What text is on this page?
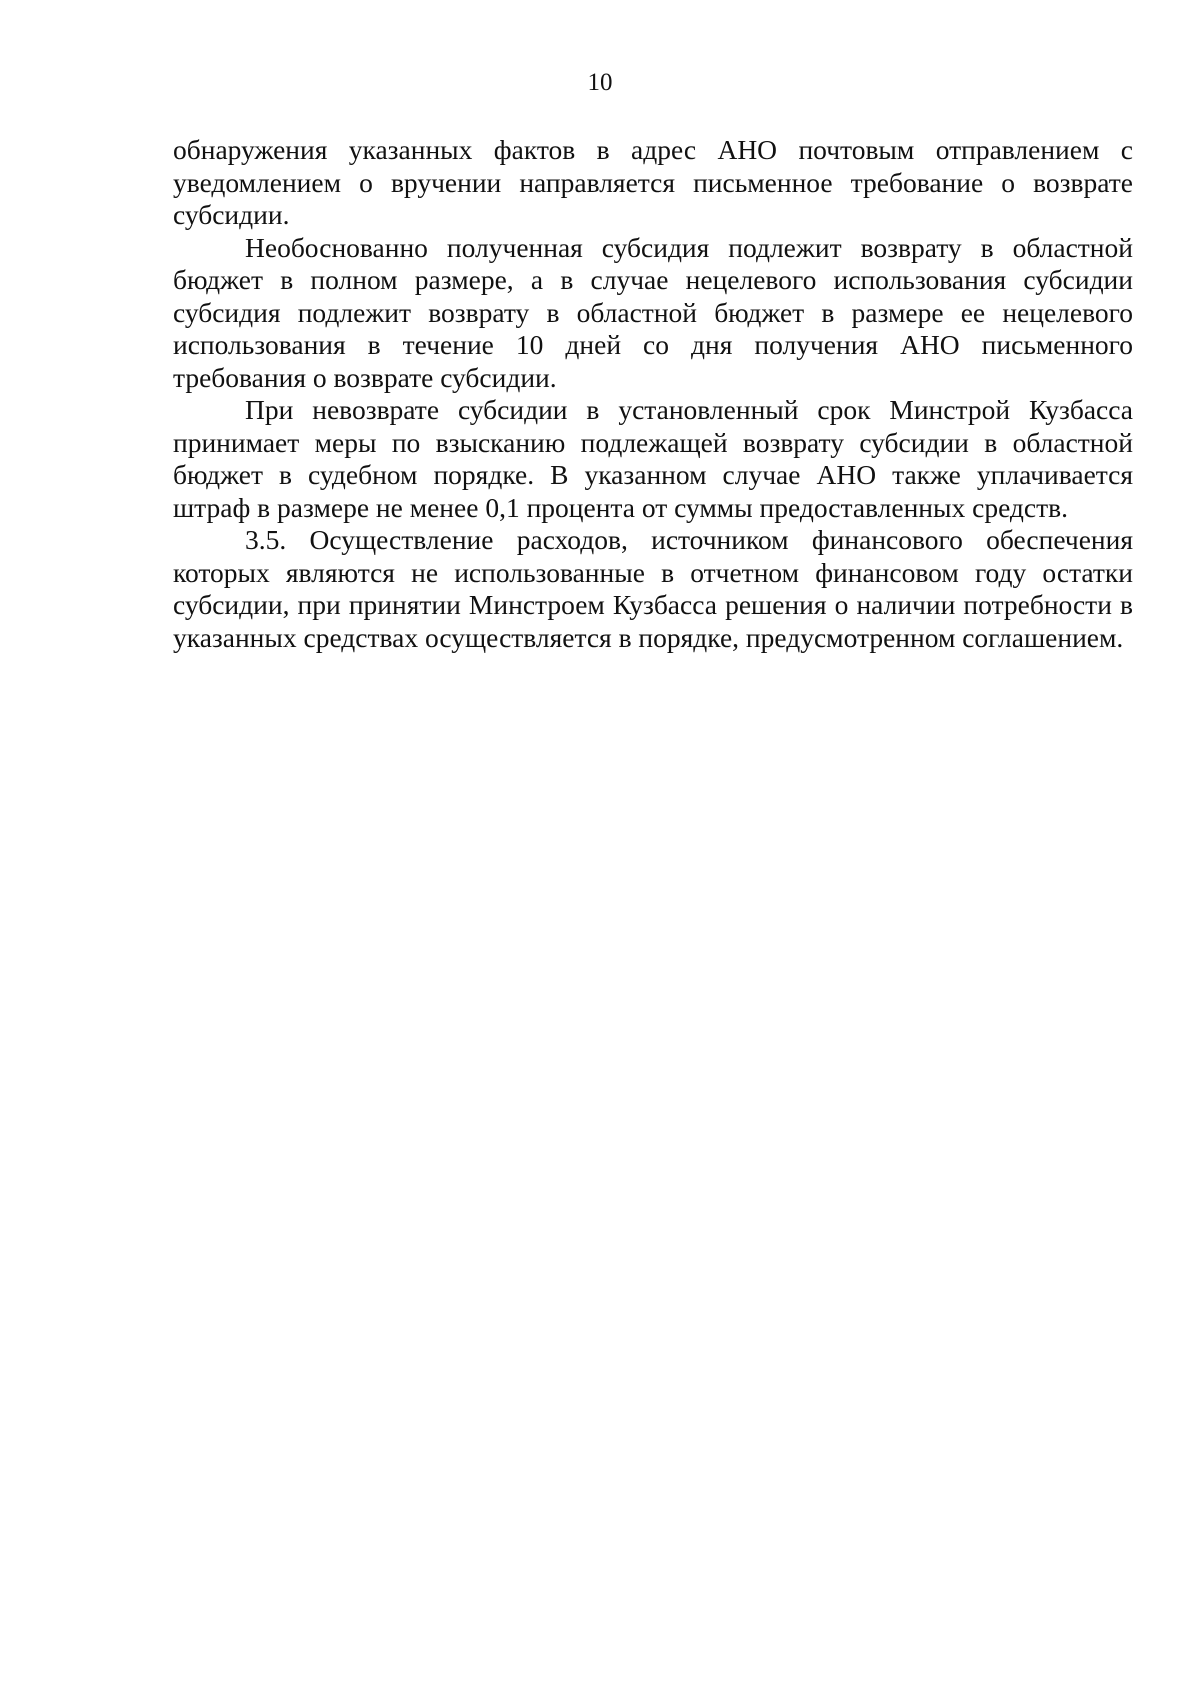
10

обнаружения указанных фактов в адрес АНО почтовым отправлением с уведомлением о вручении направляется письменное требование о возврате субсидии.

Необоснованно полученная субсидия подлежит возврату в областной бюджет в полном размере, а в случае нецелевого использования субсидии субсидия подлежит возврату в областной бюджет в размере ее нецелевого использования в течение 10 дней со дня получения АНО письменного требования о возврате субсидии.

При невозврате субсидии в установленный срок Минстрой Кузбасса принимает меры по взысканию подлежащей возврату субсидии в областной бюджет в судебном порядке. В указанном случае АНО также уплачивается штраф в размере не менее 0,1 процента от суммы предоставленных средств.

3.5. Осуществление расходов, источником финансового обеспечения которых являются не использованные в отчетном финансовом году остатки субсидии, при принятии Минстроем Кузбасса решения о наличии потребности в указанных средствах осуществляется в порядке, предусмотренном соглашением.
